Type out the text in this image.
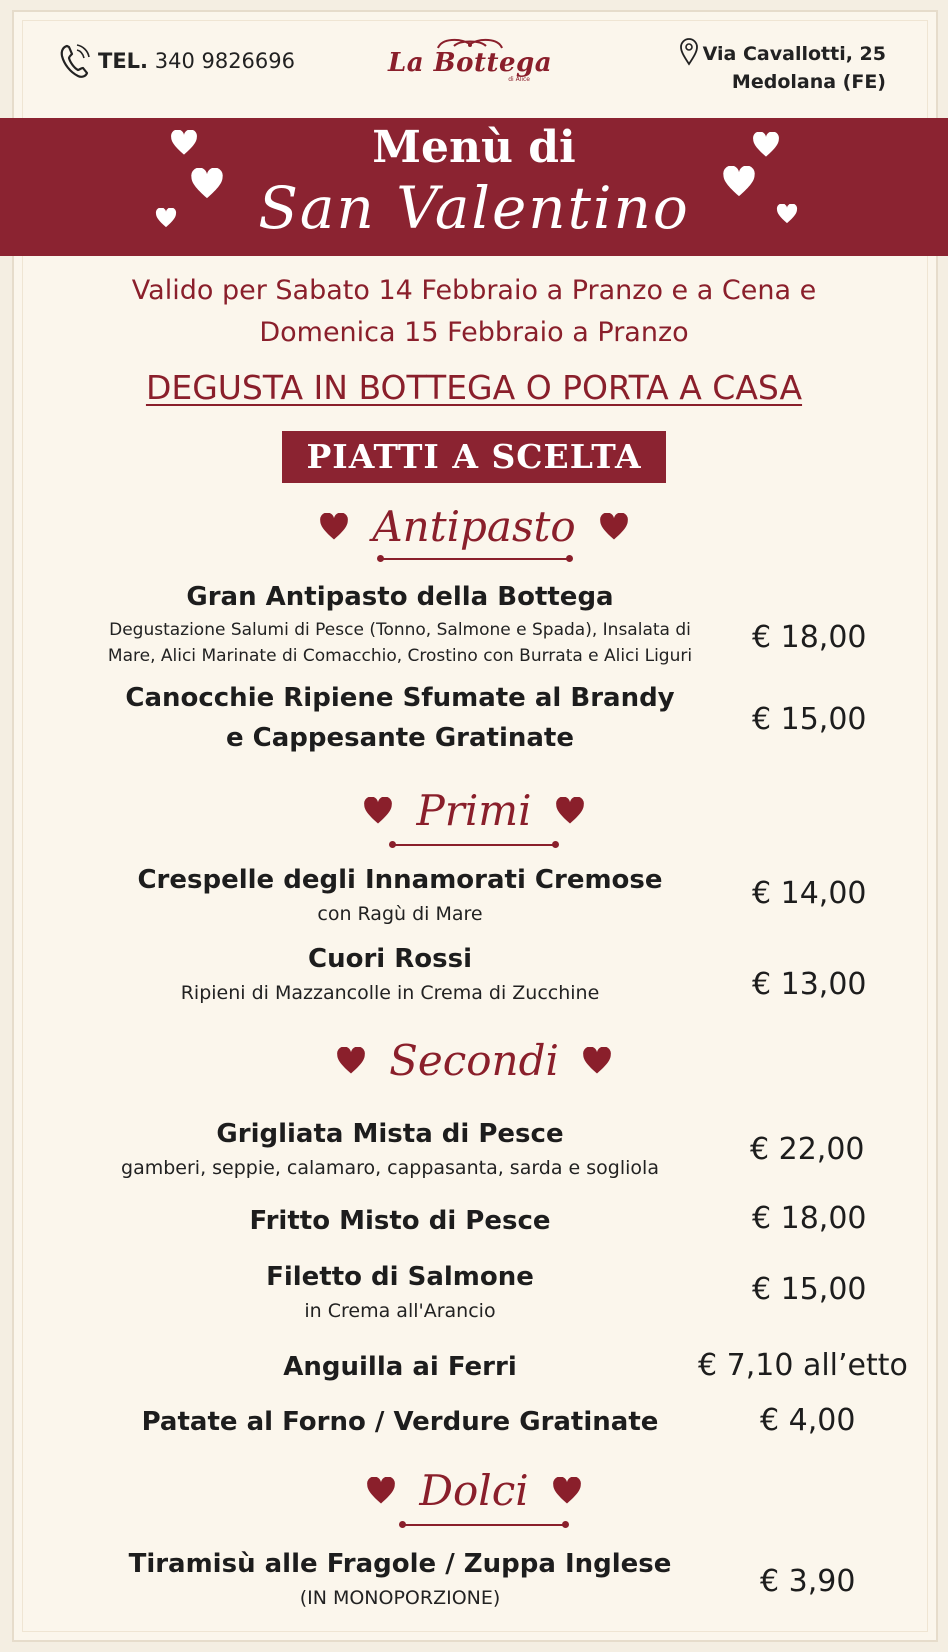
TEL. 340 9826696	La Bottega
di Alice
Via Cavallotti, 25
Medolana (FE)
Menù di
San Valentino
Valido per Sabato 14 Febbraio a Pranzo e a Cena e
Domenica 15 Febbraio a Pranzo
DEGUSTA IN BOTTEGA O PORTA A CASA
PIATTI A SCELTA
Antipasto
Gran Antipasto della Bottega
Degustazione Salumi di Pesce (Tonno, Salmone e Spada), Insalata di
Mare, Alici Marinate di Comacchio, Crostino con Burrata e Alici Liguri
€ 18,00
Canocchie Ripiene Sfumate al Brandy
e Cappesante Gratinate
€ 15,00
Primi
Crespelle degli Innamorati Cremose
con Ragù di Mare
€ 14,00
Cuori Rossi
Ripieni di Mazzancolle in Crema di Zucchine	€ 13,00
Secondi
Grigliata Mista di Pesce
gamberi, seppie, calamaro, cappasanta, sarda e sogliola
€ 22,00
Fritto Misto di Pesce	€ 18,00
Filetto di Salmone
in Crema all'Arancio
€ 15,00
Anguilla ai Ferri	€ 7,10 all’etto
Patate al Forno / Verdure Gratinate	€ 4,00
Dolci
Tiramisù alle Fragole / Zuppa Inglese
(IN MONOPORZIONE)	€ 3,90
